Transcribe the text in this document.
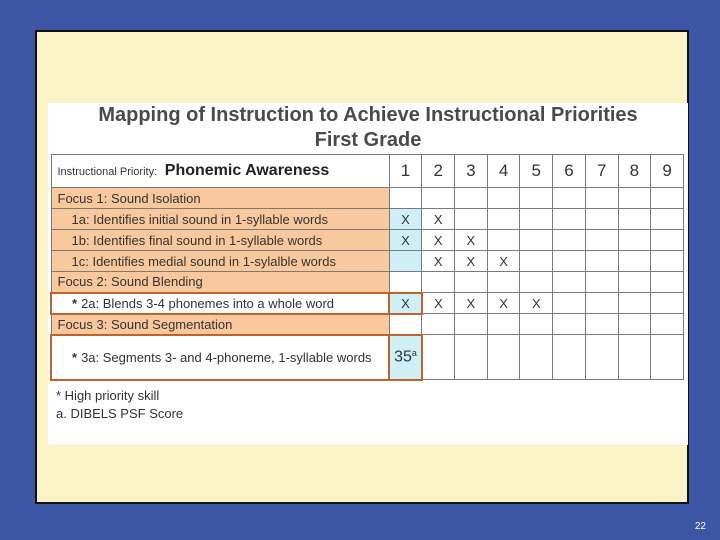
Mapping of Instruction to Achieve Instructional Priorities
First Grade
Instructional Priority: Phonemic Awareness	1	2	3	4	5	6	7	8	9
Focus 1: Sound Isolation									
1a: Identifies initial sound in 1-syllable words	X	X							
1b: Identifies final sound in 1-syllable words	X	X	X						
1c: Identifies medial sound in 1-sylalble words		X	X	X					
Focus 2: Sound Blending									
* 2a: Blends 3-4 phonemes into a whole word	X	X	X	X	X				
Focus 3: Sound Segmentation									
* 3a: Segments 3- and 4-phoneme, 1-syllable words	35$^a$								
* High priority skill
a. DIBELS PSF Score
22
